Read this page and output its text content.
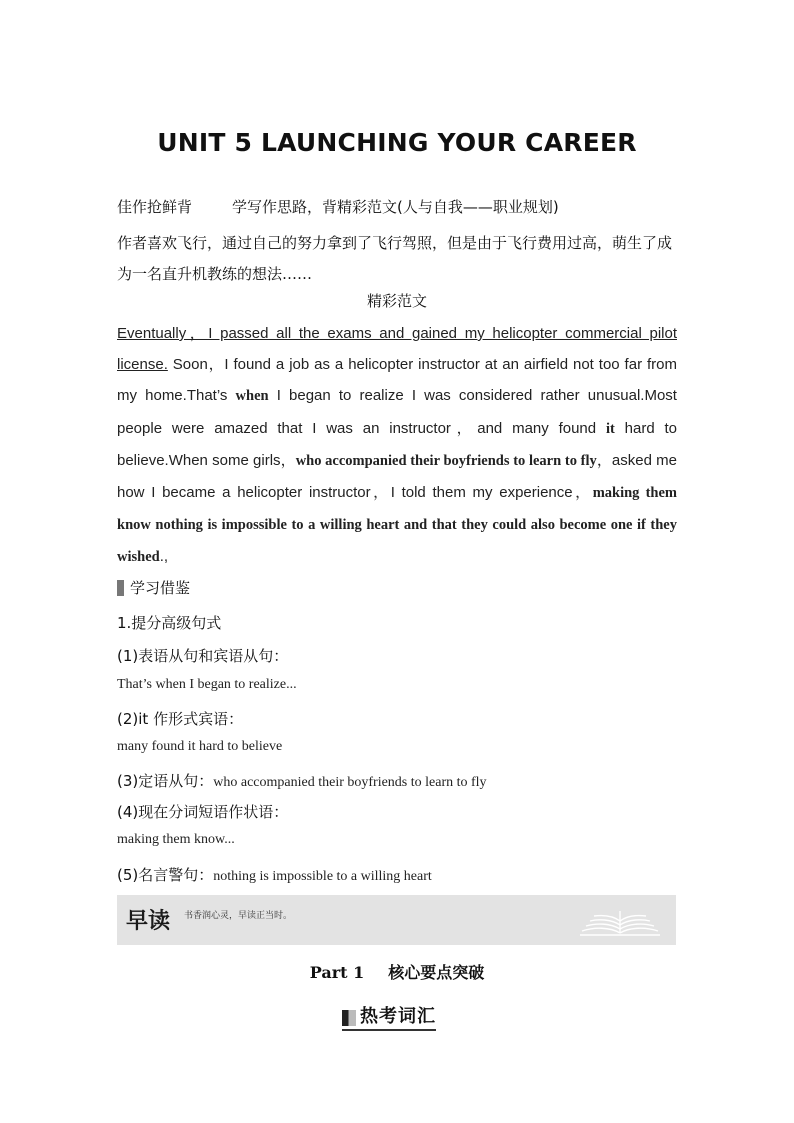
UNIT 5 LAUNCHING YOUR CAREER
佳作抢鲜背	学写作思路，背精彩范文(人与自我——职业规划)
作者喜欢飞行，通过自己的努力拿到了飞行驾照，但是由于飞行费用过高，萌生了成为一名直升机教练的想法……
精彩范文
Eventually，I passed all the exams and gained my helicopter commercial pilot license. Soon，I found a job as a helicopter instructor at an airfield not too far from my home.That’s when I began to realize I was considered rather unusual.Most people were amazed that I was an instructor，and many found it hard to believe.When some girls，who accompanied their boyfriends to learn to fly，asked me how I became a helicopter instructor，I told them my experience，making them know nothing is impossible to a willing heart and that they could also become one if they wished.,
学习借鉴
1.提分高级句式
(1)表语从句和宾语从句：
That’s when I began to realize...
(2)it 作形式宾语：
many found it hard to believe
(3)定语从句：who accompanied their boyfriends to learn to fly
(4)现在分词短语作状语：
making them know...
(5)名言警句：nothing is impossible to a willing heart
早读 书香润心灵，早读正当时。
Part 1 核心要点突破
热考词汇
